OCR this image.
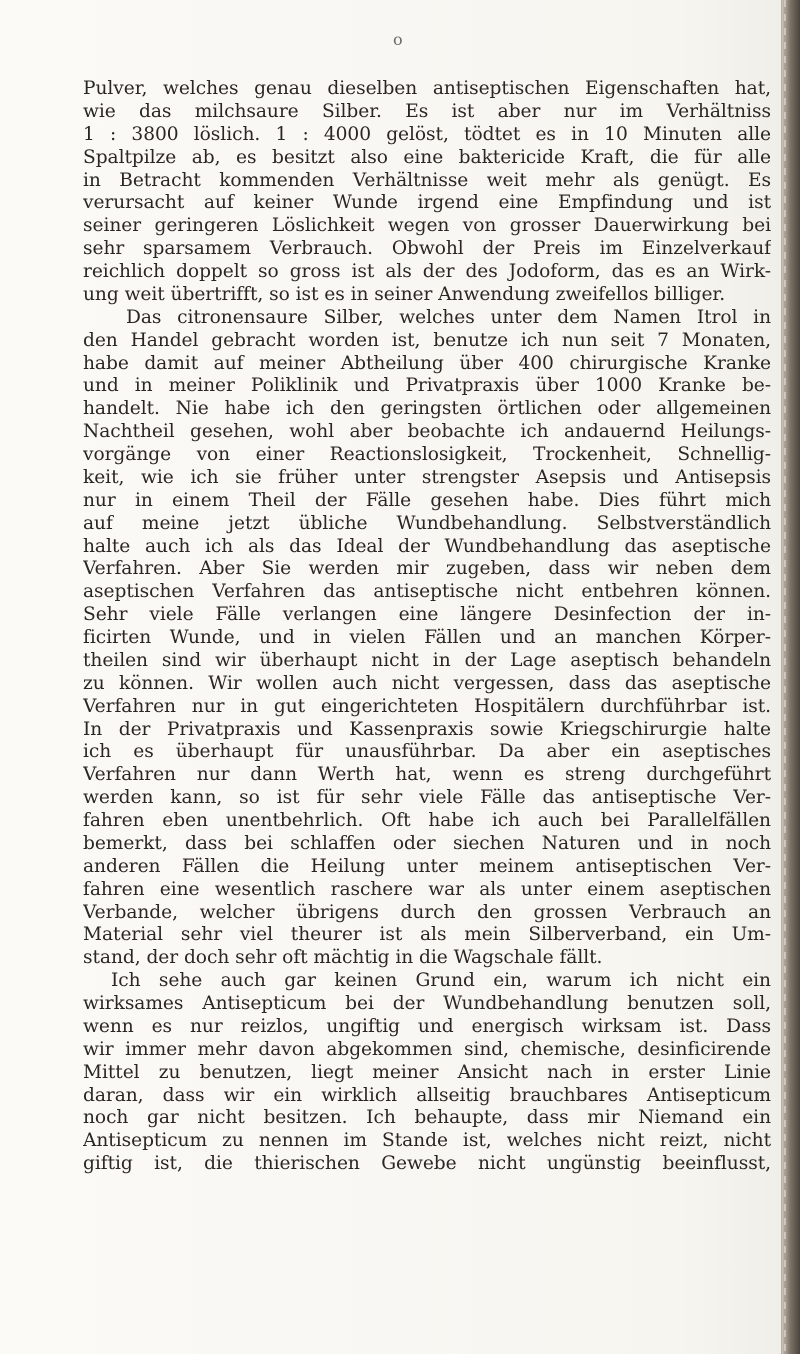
o
Pulver, welches genau dieselben antiseptischen Eigenschaften hat,
wie das milchsaure Silber. Es ist aber nur im Verhältniss
1 : 3800 löslich. 1 : 4000 gelöst, tödtet es in 10 Minuten alle
Spaltpilze ab, es besitzt also eine baktericide Kraft, die für alle
in Betracht kommenden Verhältnisse weit mehr als genügt. Es
verursacht auf keiner Wunde irgend eine Empfindung und ist
seiner geringeren Löslichkeit wegen von grosser Dauerwirkung bei
sehr sparsamem Verbrauch. Obwohl der Preis im Einzelverkauf
reichlich doppelt so gross ist als der des Jodoform, das es an Wirk-
ung weit übertrifft, so ist es in seiner Anwendung zweifellos billiger.
Das citronensaure Silber, welches unter dem Namen Itrol in
den Handel gebracht worden ist, benutze ich nun seit 7 Monaten,
habe damit auf meiner Abtheilung über 400 chirurgische Kranke
und in meiner Poliklinik und Privatpraxis über 1000 Kranke be-
handelt. Nie habe ich den geringsten örtlichen oder allgemeinen
Nachtheil gesehen, wohl aber beobachte ich andauernd Heilungs-
vorgänge von einer Reactionslosigkeit, Trockenheit, Schnellig-
keit, wie ich sie früher unter strengster Asepsis und Antisepsis
nur in einem Theil der Fälle gesehen habe. Dies führt mich
auf meine jetzt übliche Wundbehandlung. Selbstverständlich
halte auch ich als das Ideal der Wundbehandlung das aseptische
Verfahren. Aber Sie werden mir zugeben, dass wir neben dem
aseptischen Verfahren das antiseptische nicht entbehren können.
Sehr viele Fälle verlangen eine längere Desinfection der in-
ficirten Wunde, und in vielen Fällen und an manchen Körper-
theilen sind wir überhaupt nicht in der Lage aseptisch behandeln
zu können. Wir wollen auch nicht vergessen, dass das aseptische
Verfahren nur in gut eingerichteten Hospitälern durchführbar ist.
In der Privatpraxis und Kassenpraxis sowie Kriegschirurgie halte
ich es überhaupt für unausführbar. Da aber ein aseptisches
Verfahren nur dann Werth hat, wenn es streng durchgeführt
werden kann, so ist für sehr viele Fälle das antiseptische Ver-
fahren eben unentbehrlich. Oft habe ich auch bei Parallelfällen
bemerkt, dass bei schlaffen oder siechen Naturen und in noch
anderen Fällen die Heilung unter meinem antiseptischen Ver-
fahren eine wesentlich raschere war als unter einem aseptischen
Verbande, welcher übrigens durch den grossen Verbrauch an
Material sehr viel theurer ist als mein Silberverband, ein Um-
stand, der doch sehr oft mächtig in die Wagschale fällt.
Ich sehe auch gar keinen Grund ein, warum ich nicht ein
wirksames Antisepticum bei der Wundbehandlung benutzen soll,
wenn es nur reizlos, ungiftig und energisch wirksam ist. Dass
wir immer mehr davon abgekommen sind, chemische, desinficirende
Mittel zu benutzen, liegt meiner Ansicht nach in erster Linie
daran, dass wir ein wirklich allseitig brauchbares Antisepticum
noch gar nicht besitzen. Ich behaupte, dass mir Niemand ein
Antisepticum zu nennen im Stande ist, welches nicht reizt, nicht
giftig ist, die thierischen Gewebe nicht ungünstig beeinflusst,
